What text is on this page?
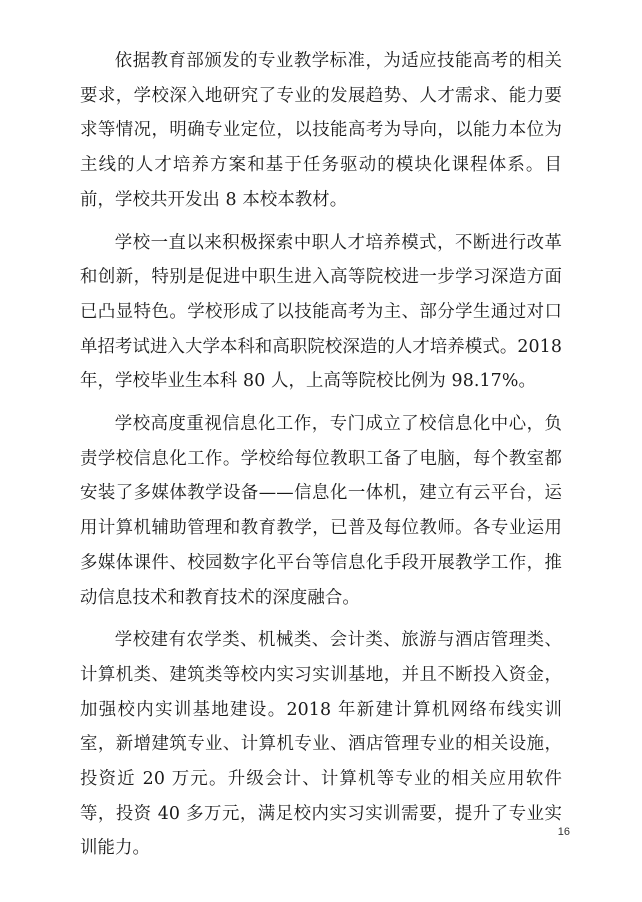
依据教育部颁发的专业教学标准，为适应技能高考的相关要求，学校深入地研究了专业的发展趋势、人才需求、能力要求等情况，明确专业定位，以技能高考为导向，以能力本位为主线的人才培养方案和基于任务驱动的模块化课程体系。目前，学校共开发出 8 本校本教材。

学校一直以来积极探索中职人才培养模式，不断进行改革和创新，特别是促进中职生进入高等院校进一步学习深造方面已凸显特色。学校形成了以技能高考为主、部分学生通过对口单招考试进入大学本科和高职院校深造的人才培养模式。2018 年，学校毕业生本科 80 人，上高等院校比例为 98.17%。

学校高度重视信息化工作，专门成立了校信息化中心，负责学校信息化工作。学校给每位教职工备了电脑，每个教室都安装了多媒体教学设备——信息化一体机，建立有云平台，运用计算机辅助管理和教育教学，已普及每位教师。各专业运用多媒体课件、校园数字化平台等信息化手段开展教学工作，推动信息技术和教育技术的深度融合。

学校建有农学类、机械类、会计类、旅游与酒店管理类、计算机类、建筑类等校内实习实训基地，并且不断投入资金，加强校内实训基地建设。2018 年新建计算机网络布线实训室，新增建筑专业、计算机专业、酒店管理专业的相关设施，投资近 20 万元。升级会计、计算机等专业的相关应用软件等，投资 40 多万元，满足校内实习实训需要，提升了专业实训能力。

16
